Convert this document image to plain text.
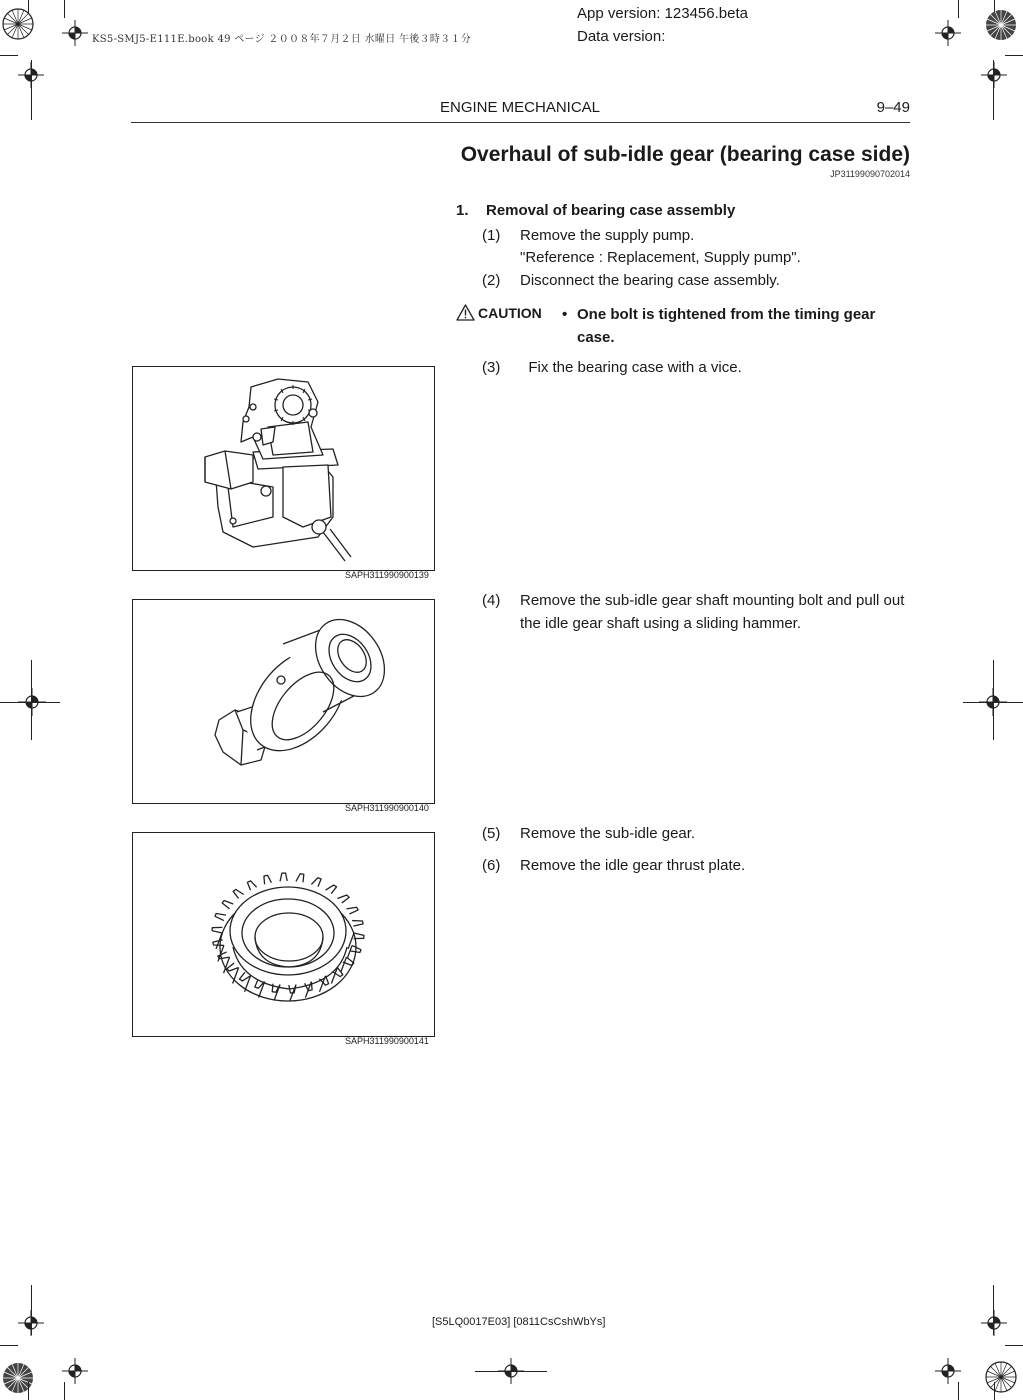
KS5-SMJ5-E111E.book 49 ページ ２００８年７月２日 水曜日 午後３時３１分
App version: 123456.beta
Data version:
ENGINE MECHANICAL	9–49
Overhaul of sub-idle gear (bearing case side)
JP31199090702014
1. Removal of bearing case assembly
(1) Remove the supply pump.
"Reference : Replacement, Supply pump".
(2) Disconnect the bearing case assembly.
CAUTION • One bolt is tightened from the timing gear case.
(3) Fix the bearing case with a vice.
(4) Remove the sub-idle gear shaft mounting bolt and pull out
the idle gear shaft using a sliding hammer.
(5) Remove the sub-idle gear.
(6) Remove the idle gear thrust plate.
SAPH311990900139
SAPH311990900140
SAPH311990900141
[S5LQ0017E03] [0811CsCshWbYs]
